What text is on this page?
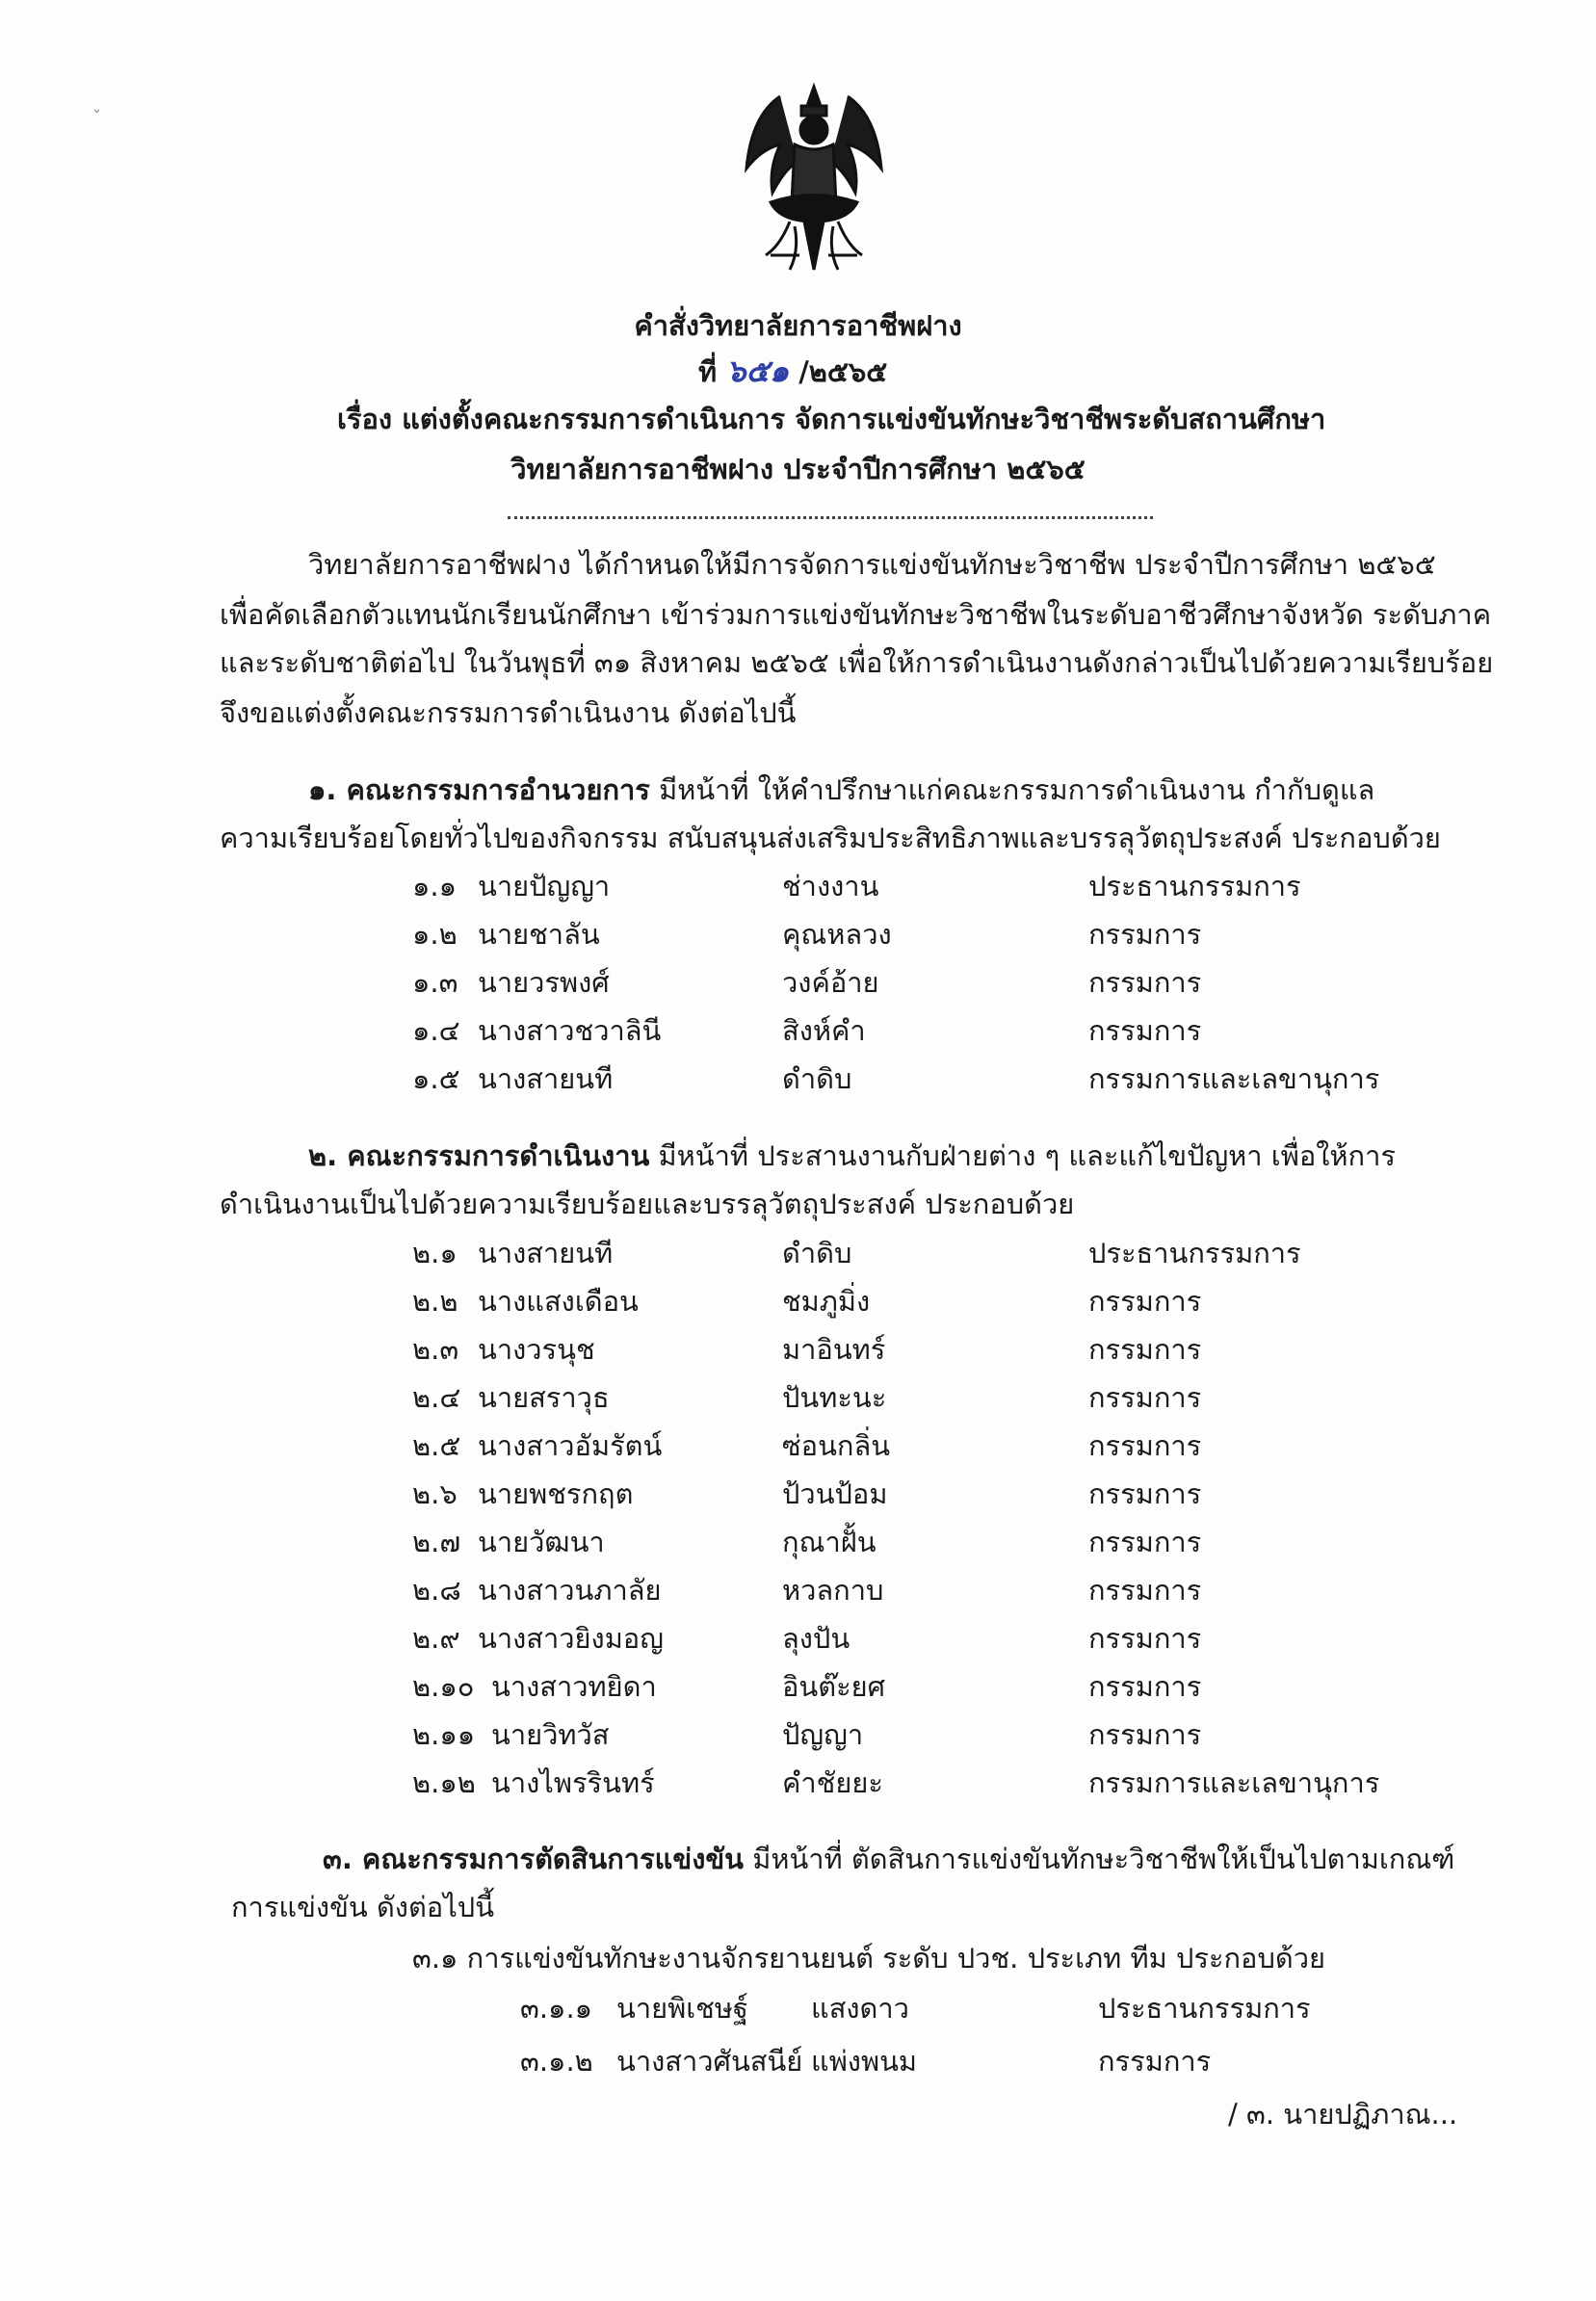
ˇ
คำสั่งวิทยาลัยการอาชีพฝาง
ที่ ๖๕๑ /๒๕๖๕
เรื่อง แต่งตั้งคณะกรรมการดำเนินการ จัดการแข่งขันทักษะวิชาชีพระดับสถานศึกษา
วิทยาลัยการอาชีพฝาง ประจำปีการศึกษา ๒๕๖๕
วิทยาลัยการอาชีพฝาง ได้กำหนดให้มีการจัดการแข่งขันทักษะวิชาชีพ ประจำปีการศึกษา ๒๕๖๕
เพื่อคัดเลือกตัวแทนนักเรียนนักศึกษา เข้าร่วมการแข่งขันทักษะวิชาชีพในระดับอาชีวศึกษาจังหวัด ระดับภาค
และระดับชาติต่อไป ในวันพุธที่ ๓๑ สิงหาคม ๒๕๖๕ เพื่อให้การดำเนินงานดังกล่าวเป็นไปด้วยความเรียบร้อย
จึงขอแต่งตั้งคณะกรรมการดำเนินงาน ดังต่อไปนี้
๑. คณะกรรมการอำนวยการ มีหน้าที่ ให้คำปรึกษาแก่คณะกรรมการดำเนินงาน กำกับดูแล
ความเรียบร้อยโดยทั่วไปของกิจกรรม สนับสนุนส่งเสริมประสิทธิภาพและบรรลุวัตถุประสงค์ ประกอบด้วย
๑.๑ นายปัญญา	ช่างงาน	ประธานกรรมการ
๑.๒ นายชาลัน	คุณหลวง	กรรมการ
๑.๓ นายวรพงศ์	วงค์อ้าย	กรรมการ
๑.๔ นางสาวชวาลินี	สิงห์คำ	กรรมการ
๑.๕ นางสายนที	ดำดิบ	กรรมการและเลขานุการ
๒. คณะกรรมการดำเนินงาน มีหน้าที่ ประสานงานกับฝ่ายต่าง ๆ และแก้ไขปัญหา เพื่อให้การ
ดำเนินงานเป็นไปด้วยความเรียบร้อยและบรรลุวัตถุประสงค์ ประกอบด้วย
๒.๑ นางสายนที	ดำดิบ	ประธานกรรมการ
๒.๒ นางแสงเดือน	ชมภูมิ่ง	กรรมการ
๒.๓ นางวรนุช	มาอินทร์	กรรมการ
๒.๔ นายสราวุธ	ปันทะนะ	กรรมการ
๒.๕ นางสาวอัมรัตน์	ซ่อนกลิ่น	กรรมการ
๒.๖ นายพชรกฤต	ป้วนป้อม	กรรมการ
๒.๗ นายวัฒนา	กุณาฝั้น	กรรมการ
๒.๘ นางสาวนภาลัย	หวลกาบ	กรรมการ
๒.๙ นางสาวยิงมอญ	ลุงปัน	กรรมการ
๒.๑๐ นางสาวทยิดา	อินต๊ะยศ	กรรมการ
๒.๑๑ นายวิทวัส	ปัญญา	กรรมการ
๒.๑๒ นางไพรรินทร์	คำชัยยะ	กรรมการและเลขานุการ
๓. คณะกรรมการตัดสินการแข่งขัน มีหน้าที่ ตัดสินการแข่งขันทักษะวิชาชีพให้เป็นไปตามเกณฑ์
การแข่งขัน ดังต่อไปนี้
๓.๑ การแข่งขันทักษะงานจักรยานยนต์ ระดับ ปวช. ประเภท ทีม ประกอบด้วย
๓.๑.๑ นายพิเชษฐ์ แสงดาว	ประธานกรรมการ
๓.๑.๒ นางสาวศันสนีย์ แพ่งพนม	กรรมการ
/ ๓. นายปฏิภาณ...
